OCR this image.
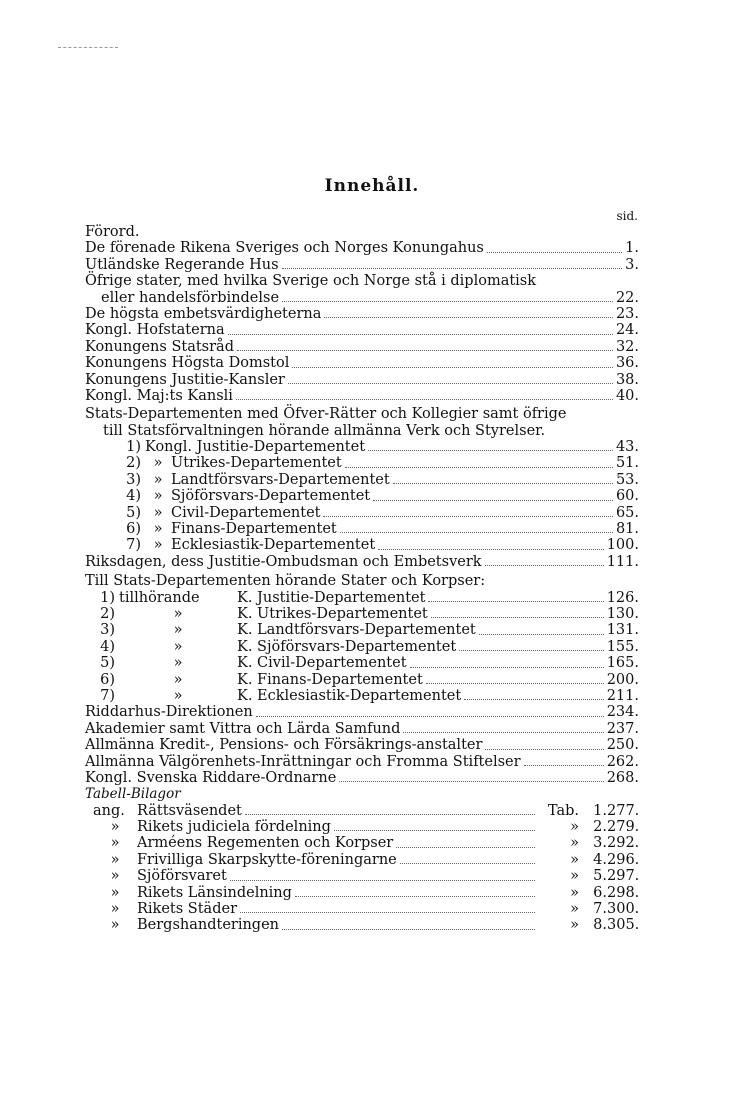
Innehåll.
sid.
Förord.
De förenade Rikena Sveriges och Norges Konungahus	1.
Utländske Regerande Hus	3.
Öfrige stater, med hvilka Sverige och Norge stå i diplomatisk
eller handelsförbindelse	22.
De högsta embetsvärdigheterna	23.
Kongl. Hofstaterna	24.
Konungens Statsråd	32.
Konungens Högsta Domstol	36.
Konungens Justitie-Kansler	38.
Kongl. Maj:ts Kansli	40.
Stats-Departementen med Öfver-Rätter och Kollegier samt öfrige
till Statsförvaltningen hörande allmänna Verk och Styrelser.
1) Kongl. Justitie-Departementet	43.
2) » Utrikes-Departementet	51.
3) » Landtförsvars-Departementet	53.
4) » Sjöförsvars-Departementet	60.
5) » Civil-Departementet	65.
6) » Finans-Departementet	81.
7) » Ecklesiastik-Departementet	100.
Riksdagen, dess Justitie-Ombudsman och Embetsverk	111.
Till Stats-Departementen hörande Stater och Korpser:
1) tillhörande	K. Justitie-Departementet	126.
2)	»	K. Utrikes-Departementet	130.
3)	»	K. Landtförsvars-Departementet	131.
4)	»	K. Sjöförsvars-Departementet	155.
5)	»	K. Civil-Departementet	165.
6)	»	K. Finans-Departementet	200.
7)	»	K. Ecklesiastik-Departementet	211.
Riddarhus-Direktionen	234.
Akademier samt Vittra och Lärda Samfund	237.
Allmänna Kredit-, Pensions- och Försäkrings-anstalter	250.
Allmänna Välgörenhets-Inrättningar och Fromma Stiftelser	262.
Kongl. Svenska Riddare-Ordnarne	268.
Tabell-Bilagor
ang. Rättsväsendet	Tab. 1. 277.
»	Rikets judiciela fördelning	» 2. 279.
»	Arméens Regementen och Korpser	» 3. 292.
»	Frivilliga Skarpskytte-föreningarne	» 4. 296.
»	Sjöförsvaret	» 5. 297.
»	Rikets Länsindelning	» 6. 298.
»	Rikets Städer	» 7. 300.
»	Bergshandteringen	» 8. 305.
